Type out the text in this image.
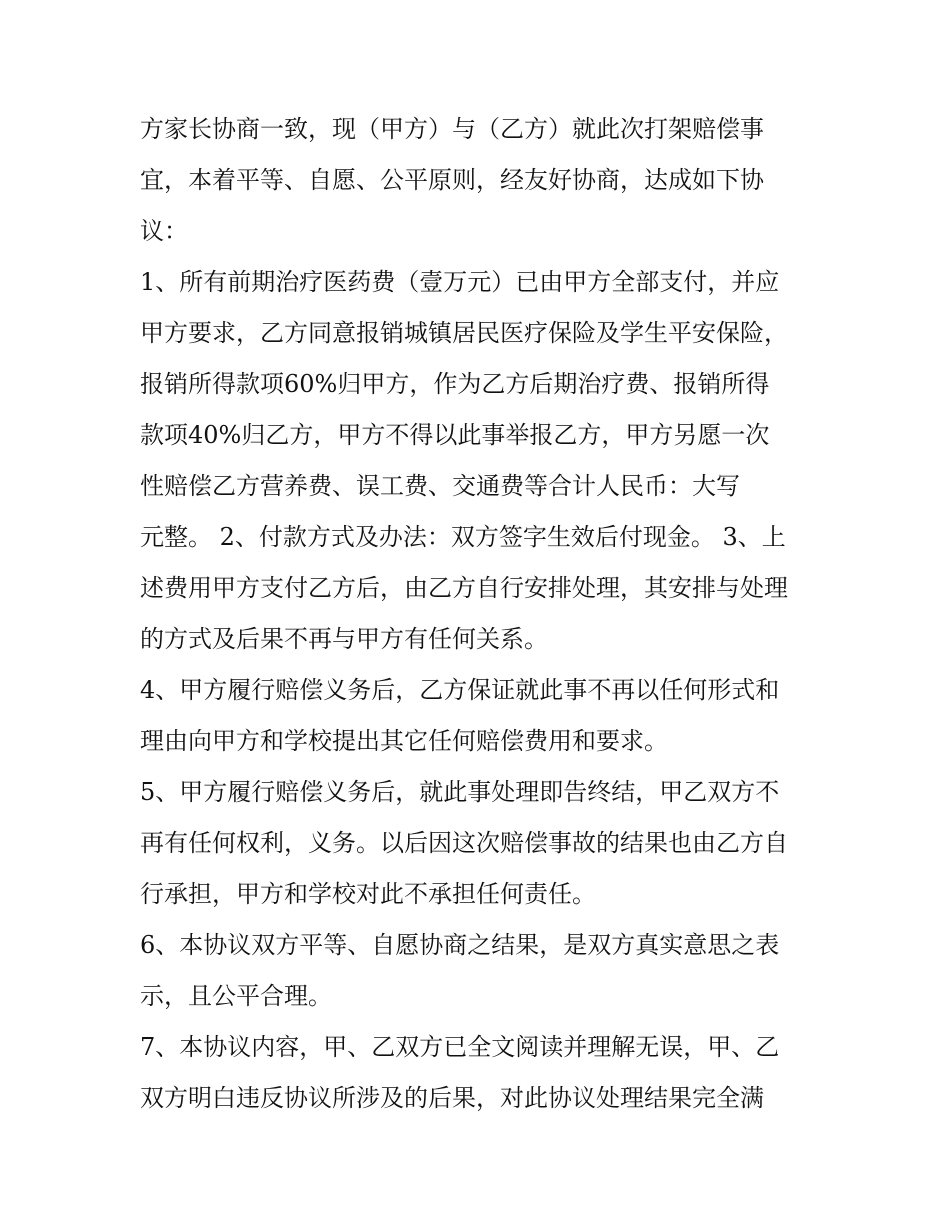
方家长协商一致，现（甲方）与（乙方）就此次打架赔偿事
宜，本着平等、自愿、公平原则，经友好协商，达成如下协
议：
1、所有前期治疗医药费（壹万元）已由甲方全部支付，并应
甲方要求，乙方同意报销城镇居民医疗保险及学生平安保险，
报销所得款项60%归甲方，作为乙方后期治疗费、报销所得
款项40%归乙方，甲方不得以此事举报乙方，甲方另愿一次
性赔偿乙方营养费、误工费、交通费等合计人民币：大写
元整。 2、付款方式及办法：双方签字生效后付现金。 3、上
述费用甲方支付乙方后，由乙方自行安排处理，其安排与处理
的方式及后果不再与甲方有任何关系。
4、甲方履行赔偿义务后，乙方保证就此事不再以任何形式和
理由向甲方和学校提出其它任何赔偿费用和要求。
5、甲方履行赔偿义务后，就此事处理即告终结，甲乙双方不
再有任何权利，义务。以后因这次赔偿事故的结果也由乙方自
行承担，甲方和学校对此不承担任何责任。
6、本协议双方平等、自愿协商之结果，是双方真实意思之表
示，且公平合理。
7、本协议内容，甲、乙双方已全文阅读并理解无误，甲、乙
双方明白违反协议所涉及的后果，对此协议处理结果完全满
